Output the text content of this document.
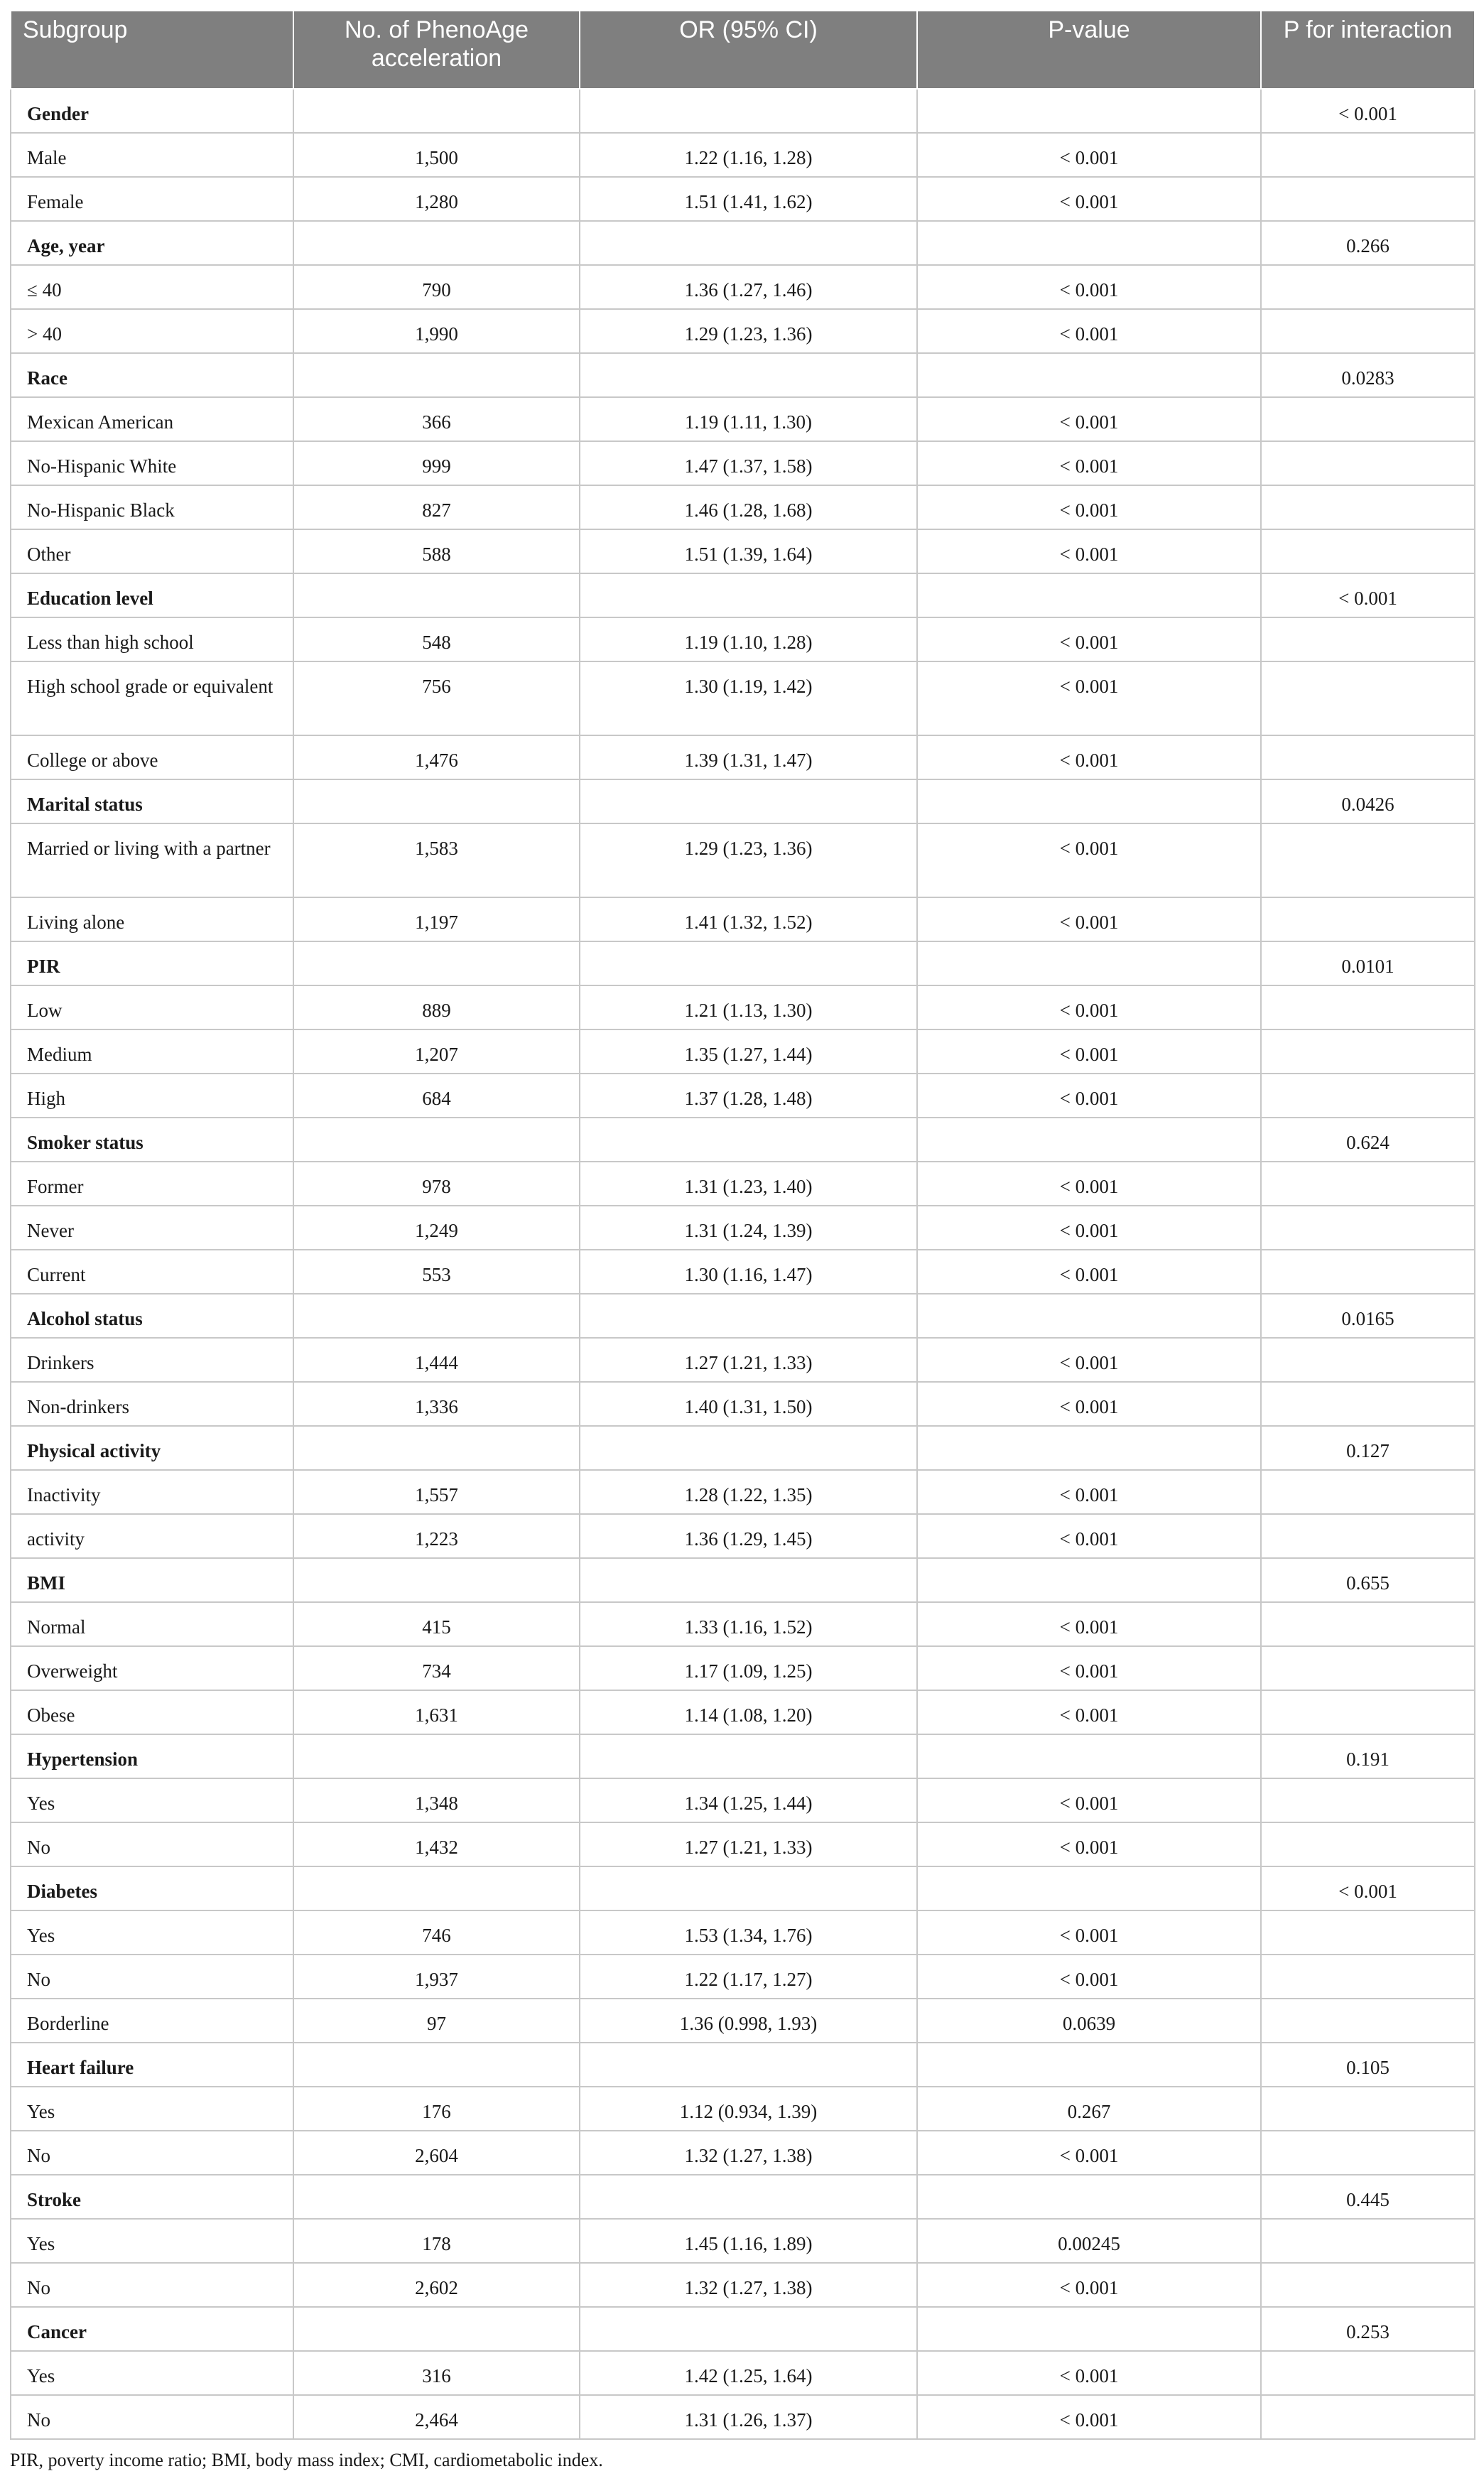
Subgroup	No. of PhenoAge acceleration	OR (95% CI)	P-value	P for interaction
Gender				< 0.001
Male	1,500	1.22 (1.16, 1.28)	< 0.001	
Female	1,280	1.51 (1.41, 1.62)	< 0.001	
Age, year				0.266
≤ 40	790	1.36 (1.27, 1.46)	< 0.001	
> 40	1,990	1.29 (1.23, 1.36)	< 0.001	
Race				0.0283
Mexican American	366	1.19 (1.11, 1.30)	< 0.001	
No-Hispanic White	999	1.47 (1.37, 1.58)	< 0.001	
No-Hispanic Black	827	1.46 (1.28, 1.68)	< 0.001	
Other	588	1.51 (1.39, 1.64)	< 0.001	
Education level				< 0.001
Less than high school	548	1.19 (1.10, 1.28)	< 0.001	
High school grade or equivalent	756	1.30 (1.19, 1.42)	< 0.001	
College or above	1,476	1.39 (1.31, 1.47)	< 0.001	
Marital status				0.0426
Married or living with a partner	1,583	1.29 (1.23, 1.36)	< 0.001	
Living alone	1,197	1.41 (1.32, 1.52)	< 0.001	
PIR				0.0101
Low	889	1.21 (1.13, 1.30)	< 0.001	
Medium	1,207	1.35 (1.27, 1.44)	< 0.001	
High	684	1.37 (1.28, 1.48)	< 0.001	
Smoker status				0.624
Former	978	1.31 (1.23, 1.40)	< 0.001	
Never	1,249	1.31 (1.24, 1.39)	< 0.001	
Current	553	1.30 (1.16, 1.47)	< 0.001	
Alcohol status				0.0165
Drinkers	1,444	1.27 (1.21, 1.33)	< 0.001	
Non-drinkers	1,336	1.40 (1.31, 1.50)	< 0.001	
Physical activity				0.127
Inactivity	1,557	1.28 (1.22, 1.35)	< 0.001	
activity	1,223	1.36 (1.29, 1.45)	< 0.001	
BMI				0.655
Normal	415	1.33 (1.16, 1.52)	< 0.001	
Overweight	734	1.17 (1.09, 1.25)	< 0.001	
Obese	1,631	1.14 (1.08, 1.20)	< 0.001	
Hypertension				0.191
Yes	1,348	1.34 (1.25, 1.44)	< 0.001	
No	1,432	1.27 (1.21, 1.33)	< 0.001	
Diabetes				< 0.001
Yes	746	1.53 (1.34, 1.76)	< 0.001	
No	1,937	1.22 (1.17, 1.27)	< 0.001	
Borderline	97	1.36 (0.998, 1.93)	0.0639	
Heart failure				0.105
Yes	176	1.12 (0.934, 1.39)	0.267	
No	2,604	1.32 (1.27, 1.38)	< 0.001	
Stroke				0.445
Yes	178	1.45 (1.16, 1.89)	0.00245	
No	2,602	1.32 (1.27, 1.38)	< 0.001	
Cancer				0.253
Yes	316	1.42 (1.25, 1.64)	< 0.001	
No	2,464	1.31 (1.26, 1.37)	< 0.001	
PIR, poverty income ratio; BMI, body mass index; CMI, cardiometabolic index.
